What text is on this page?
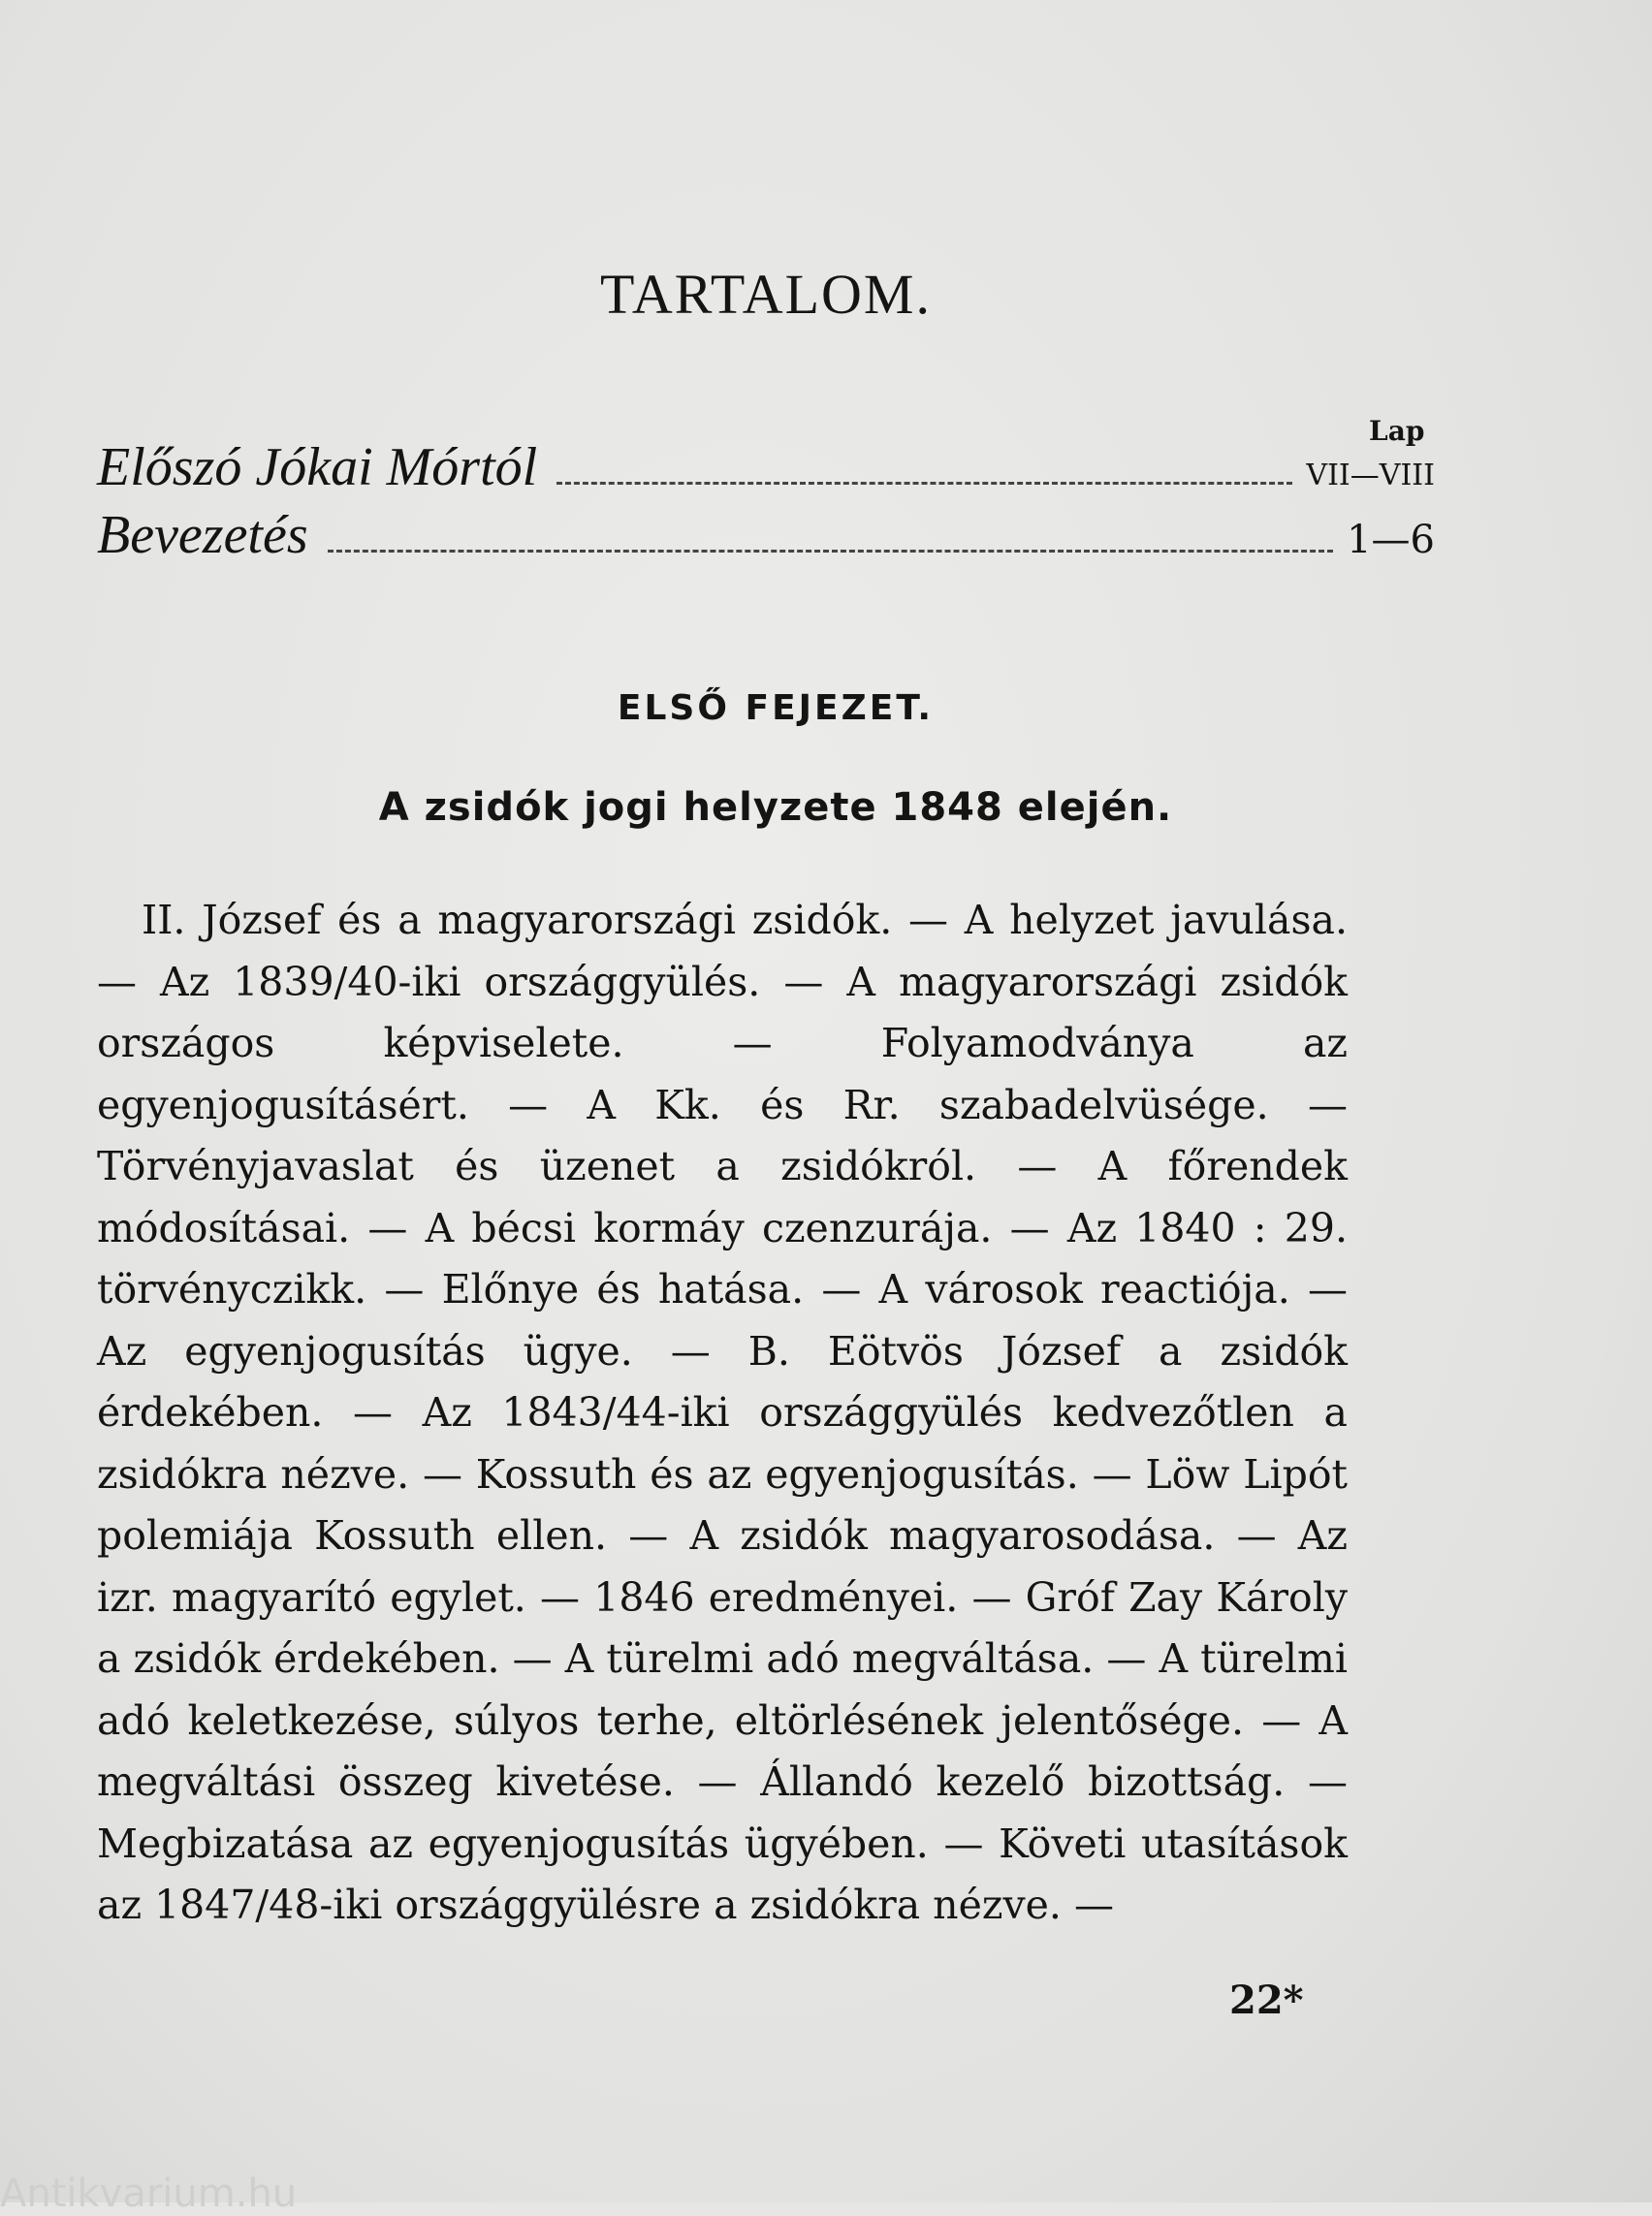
TARTALOM.
Lap
Előszó Jókai Mórtól	VII—VIII
Bevezetés	1—6
ELSŐ FEJEZET.
A zsidók jogi helyzete 1848 elején.

II. József és a magyarországi zsidók. — A helyzet javulása. — Az 1839/40-iki országgyülés. — A magyarországi zsidók országos képviselete. — Folyamodványa az egyenjogusításért. — A Kk. és Rr. szabadelvüsége. — Törvényjavaslat és üzenet a zsidókról. — A főrendek módosításai. — A bécsi kormáy czenzurája. — Az 1840 : 29. törvényczikk. — Előnye és hatása. — A városok reactiója. — Az egyenjogusítás ügye. — B. Eötvös József a zsidók érdekében. — Az 1843/44-iki országgyülés kedvezőtlen a zsidókra nézve. — Kossuth és az egyenjogusítás. — Löw Lipót polemiája Kossuth ellen. — A zsidók magyarosodása. — Az izr. magyarító egylet. — 1846 eredményei. — Gróf Zay Károly a zsidók érdekében. — A türelmi adó megváltása. — A türelmi adó keletkezése, súlyos terhe, eltörlésének jelentősége. — A megváltási összeg kivetése. — Állandó kezelő bizottság. — Megbizatása az egyenjogusítás ügyében. — Követi utasítások az 1847/48-iki országgyülésre a zsidókra nézve. —

22*
Antikvarium.hu
